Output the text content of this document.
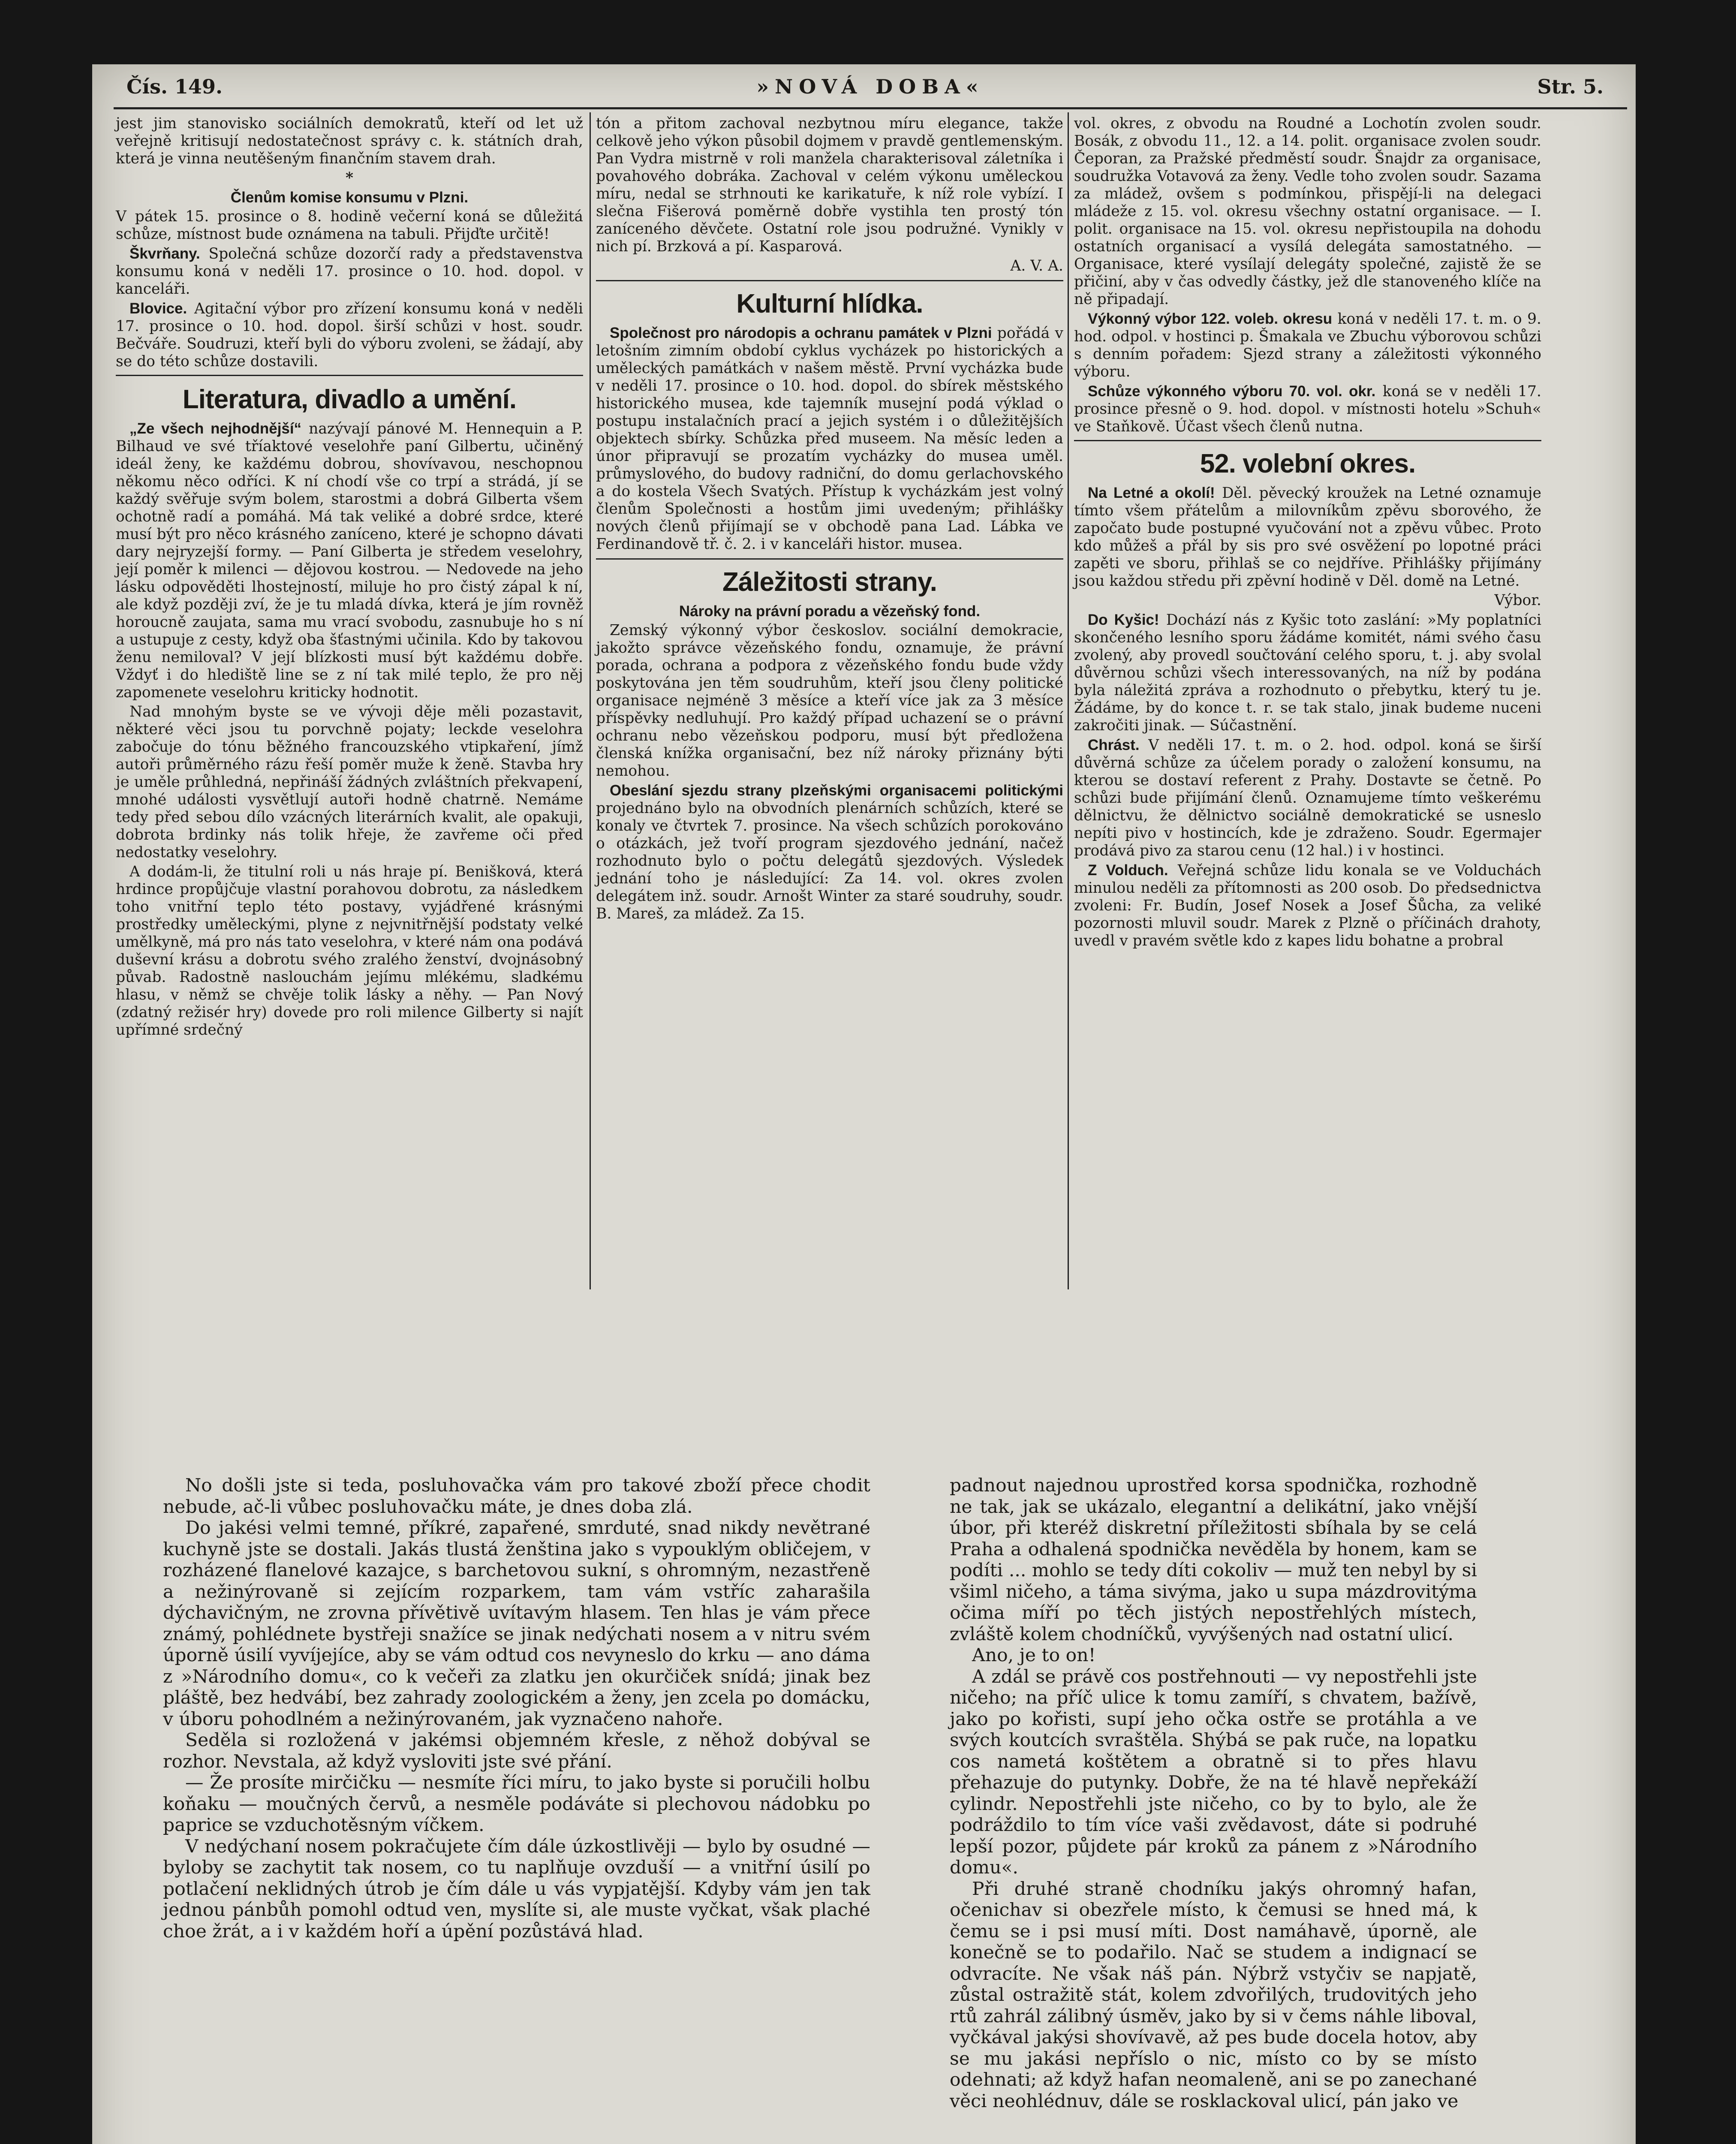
Čís. 149.	»NOVÁ DOBA«	Str. 5.

jest jim stanovisko sociálních demokratů, kteří od let už veřejně kritisují nedostatečnost správy c. k. státních drah, která je vinna neutěšeným finančním stavem drah.

*

Členům komise konsumu v Plzni.

V pátek 15. prosince o 8. hodině večerní koná se důležitá schůze, místnost bude oznámena na tabuli. Přijďte určitě!

Škvrňany. Společná schůze dozorčí rady a představenstva konsumu koná v neděli 17. prosince o 10. hod. dopol. v kanceláři.

Blovice. Agitační výbor pro zřízení konsumu koná v neděli 17. prosince o 10. hod. dopol. širší schůzi v host. soudr. Bečváře. Soudruzi, kteří byli do výboru zvoleni, se žádají, aby se do této schůze dostavili.

Literatura, divadlo a umění.

„Ze všech nejhodnější“ nazývají pánové M. Hennequin a P. Bilhaud ve své tříaktové veselohře paní Gilbertu, učiněný ideál ženy, ke každému dobrou, shovívavou, neschopnou někomu něco odříci. K ní chodí vše co trpí a strádá, jí se každý svěřuje svým bolem, starostmi a dobrá Gilberta všem ochotně radí a pomáhá. Má tak veliké a dobré srdce, které musí být pro něco krásného zaníceno, které je schopno dávati dary nejryzejší formy. — Paní Gilberta je středem veselohry, její poměr k milenci — dějovou kostrou. — Nedovede na jeho lásku odpověděti lhostejností, miluje ho pro čistý zápal k ní, ale když později zví, že je tu mladá dívka, která je jím rovněž horoucně zaujata, sama mu vrací svobodu, zasnubuje ho s ní a ustupuje z cesty, když oba šťastnými učinila. Kdo by takovou ženu nemiloval? V její blízkosti musí být každému dobře. Vždyť i do hlediště line se z ní tak milé teplo, že pro něj zapomenete veselohru kriticky hodnotit.

Nad mnohým byste se ve vývoji děje měli pozastavit, některé věci jsou tu porvchně pojaty; leckde veselohra zabočuje do tónu běžného francouzského vtipkaření, jímž autoři průměrného rázu řeší poměr muže k ženě. Stavba hry je uměle průhledná, nepřináší žádných zvláštních překvapení, mnohé události vysvětlují autoři hodně chatrně. Nemáme tedy před sebou dílo vzácných literárních kvalit, ale opakuji, dobrota brdinky nás tolik hřeje, že zavřeme oči před nedostatky veselohry.

A dodám-li, že titulní roli u nás hraje pí. Benišková, která hrdince propůjčuje vlastní porahovou dobrotu, za následkem toho vnitřní teplo této postavy, vyjádřené krásnými prostředky uměleckými, plyne z nejvnitřnější podstaty velké umělkyně, má pro nás tato veselohra, v které nám ona podává duševní krásu a dobrotu svého zralého ženství, dvojnásobný půvab. Radostně naslouchám jejímu mlékému, sladkému hlasu, v němž se chvěje tolik lásky a něhy. — Pan Nový (zdatný režisér hry) dovede pro roli milence Gilberty si najít upřímné srdečný

tón a přitom zachoval nezbytnou míru elegance, takže celkově jeho výkon působil dojmem v pravdě gentlemenským. Pan Vydra mistrně v roli manžela charakterisoval záletníka i povahového dobráka. Zachoval v celém výkonu uměleckou míru, nedal se strhnouti ke karikatuře, k níž role vybízí. I slečna Fišerová poměrně dobře vystihla ten prostý tón zaníceného děvčete. Ostatní role jsou podružné. Vynikly v nich pí. Brzková a pí. Kasparová.

A. V. A.

Kulturní hlídka.

Společnost pro národopis a ochranu památek v Plzni pořádá v letošním zimním období cyklus vycházek po historických a uměleckých památkách v našem městě. První vycházka bude v neděli 17. prosince o 10. hod. dopol. do sbírek městského historického musea, kde tajemník musejní podá výklad o postupu instalačních prací a jejich systém i o důležitějších objektech sbírky. Schůzka před museem. Na měsíc leden a únor připravují se prozatím vycházky do musea uměl. průmyslového, do budovy radniční, do domu gerlachovského a do kostela Všech Svatých. Přístup k vycházkám jest volný členům Společnosti a hostům jimi uvedeným; přihlášky nových členů přijímají se v obchodě pana Lad. Lábka ve Ferdinandově tř. č. 2. i v kanceláři histor. musea.

Záležitosti strany.

Nároky na právní poradu a vězeňský fond.

Zemský výkonný výbor českoslov. sociální demokracie, jakožto správce vězeňského fondu, oznamuje, že právní porada, ochrana a podpora z vězeňského fondu bude vždy poskytována jen těm soudruhům, kteří jsou členy politické organisace nejméně 3 měsíce a kteří více jak za 3 měsíce příspěvky nedluhují. Pro každý případ uchazení se o právní ochranu nebo vězeňskou podporu, musí být předložena členská knížka organisační, bez níž nároky přiznány býti nemohou.

Obeslání sjezdu strany plzeňskými organisacemi politickými projednáno bylo na obvodních plenárních schůzích, které se konaly ve čtvrtek 7. prosince. Na všech schůzích porokováno o otázkách, jež tvoří program sjezdového jednání, načež rozhodnuto bylo o počtu delegátů sjezdových. Výsledek jednání toho je následující: Za 14. vol. okres zvolen delegátem inž. soudr. Arnošt Winter za staré soudruhy, soudr. B. Mareš, za mládež. Za 15.

vol. okres, z obvodu na Roudné a Lochotín zvolen soudr. Bosák, z obvodu 11., 12. a 14. polit. organisace zvolen soudr. Čeporan, za Pražské předměstí soudr. Šnajdr za organisace, soudružka Votavová za ženy. Vedle toho zvolen soudr. Sazama za mládež, ovšem s podmínkou, přispějí-li na delegaci mládeže z 15. vol. okresu všechny ostatní organisace. — I. polit. organisace na 15. vol. okresu nepřistoupila na dohodu ostatních organisací a vysílá delegáta samostatného. — Organisace, které vysílají delegáty společné, zajistě že se přičiní, aby v čas odvedly částky, jež dle stanoveného klíče na ně připadají.

Výkonný výbor 122. voleb. okresu koná v neděli 17. t. m. o 9. hod. odpol. v hostinci p. Šmakala ve Zbuchu výborovou schůzi s denním pořadem: Sjezd strany a záležitosti výkonného výboru.

Schůze výkonného výboru 70. vol. okr. koná se v neděli 17. prosince přesně o 9. hod. dopol. v místnosti hotelu »Schuh« ve Staňkově. Účast všech členů nutna.

52. volební okres.

Na Letné a okolí! Děl. pěvecký kroužek na Letné oznamuje tímto všem přátelům a milovníkům zpěvu sborového, že započato bude postupné vyučování not a zpěvu vůbec. Proto kdo můžeš a přál by sis pro své osvěžení po lopotné práci zapěti ve sboru, přihlaš se co nejdříve. Přihlášky přijímány jsou každou středu při zpěvní hodině v Děl. domě na Letné.

Výbor.

Do Kyšic! Dochází nás z Kyšic toto zaslání: »My poplatníci skončeného lesního sporu žádáme komitét, námi svého času zvolený, aby provedl součtování celého sporu, t. j. aby svolal důvěrnou schůzi všech interessovaných, na níž by podána byla náležitá zpráva a rozhodnuto o přebytku, který tu je. Žádáme, by do konce t. r. se tak stalo, jinak budeme nuceni zakročiti jinak. — Súčastnění.

Chrást. V neděli 17. t. m. o 2. hod. odpol. koná se širší důvěrná schůze za účelem porady o založení konsumu, na kterou se dostaví referent z Prahy. Dostavte se četně. Po schůzi bude přijímání členů. Oznamujeme tímto veškerému dělnictvu, že dělnictvo sociálně demokratické se usneslo nepíti pivo v hostincích, kde je zdraženo. Soudr. Egermajer prodává pivo za starou cenu (12 hal.) i v hostinci.

Z Volduch. Veřejná schůze lidu konala se ve Volduchách minulou neděli za přítomnosti as 200 osob. Do předsednictva zvoleni: Fr. Budín, Josef Nosek a Josef Šůcha, za veliké pozornosti mluvil soudr. Marek z Plzně o příčinách drahoty, uvedl v pravém světle kdo z kapes lidu bohatne a probral

No došli jste si teda, posluhovačka vám pro takové zboží přece chodit nebude, ač-li vůbec posluhovačku máte, je dnes doba zlá.

Do jakési velmi temné, příkré, zapařené, smrduté, snad nikdy nevětrané kuchyně jste se dostali. Jakás tlustá ženština jako s vypouklým obličejem, v rozházené flanelové kazajce, s barchetovou sukní, s ohromným, nezastřeně a nežinýrovaně si zejícím rozparkem, tam vám vstříc zaharašila dýchavičným, ne zrovna přívětivě uvítavým hlasem. Ten hlas je vám přece známý, pohlédnete bystřeji snažíce se jinak nedýchati nosem a v nitru svém úporně úsilí vyvíjejíce, aby se vám odtud cos nevyneslo do krku — ano dáma z »Národního domu«, co k večeři za zlatku jen okurčiček snídá; jinak bez pláště, bez hedvábí, bez zahrady zoologickém a ženy, jen zcela po domácku, v úboru pohodlném a nežinýrovaném, jak vyznačeno nahoře.

Seděla si rozložená v jakémsi objemném křesle, z něhož dobýval se rozhor. Nevstala, až když vysloviti jste své přání.

— Že prosíte mirčičku — nesmíte říci míru, to jako byste si poručili holbu koňaku — moučných červů, a nesměle podáváte si plechovou nádobku po paprice se vzduchotěsným víčkem.

V nedýchaní nosem pokračujete čím dále úzkostlivěji — bylo by osudné — byloby se zachytit tak nosem, co tu naplňuje ovzduší — a vnitřní úsilí po potlačení neklidných útrob je čím dále u vás vypjatější. Kdyby vám jen tak jednou pánbůh pomohl odtud ven, myslíte si, ale muste vyčkat, však plaché choe žrát, a i v každém hoří a úpění pozůstává hlad.

padnout najednou uprostřed korsa spodnička, rozhodně ne tak, jak se ukázalo, elegantní a delikátní, jako vnější úbor, při kteréž diskretní příležitosti sbíhala by se celá Praha a odhalená spodnička nevěděla by honem, kam se podíti ... mohlo se tedy díti cokoliv — muž ten nebyl by si všiml ničeho, a táma sivýma, jako u supa mázdrovitýma očima míří po těch jistých nepostřehlých místech, zvláště kolem chodníčků, vyvýšených nad ostatní ulicí.

Ano, je to on!

A zdál se právě cos postřehnouti — vy nepostřehli jste ničeho; na příč ulice k tomu zamíří, s chvatem, bažívě, jako po kořisti, supí jeho očka ostře se protáhla a ve svých koutcích svraštěla. Shýbá se pak ruče, na lopatku cos nametá koštětem a obratně si to přes hlavu přehazuje do putynky. Dobře, že na té hlavě nepřekáží cylindr. Nepostřehli jste ničeho, co by to bylo, ale že podráždilo to tím více vaši zvědavost, dáte si podruhé lepší pozor, půjdete pár kroků za pánem z »Národního domu«.

Při druhé straně chodníku jakýs ohromný hafan, očenichav si obezřele místo, k čemusi se hned má, k čemu se i psi musí míti. Dost namáhavě, úporně, ale konečně se to podařilo. Nač se studem a indignací se odvracíte. Ne však náš pán. Nýbrž vstyčiv se napjatě, zůstal ostražitě stát, kolem zdvořilých, trudovitých jeho rtů zahrál zálibný úsměv, jako by si v čems náhle liboval, vyčkával jakýsi shovívavě, až pes bude docela hotov, aby se mu jakási nepříslo o nic, místo co by se místo odehnati; až když hafan neomaleně, ani se po zanechané věci neohlédnuv, dále se rosklackoval ulicí, pán jako ve
